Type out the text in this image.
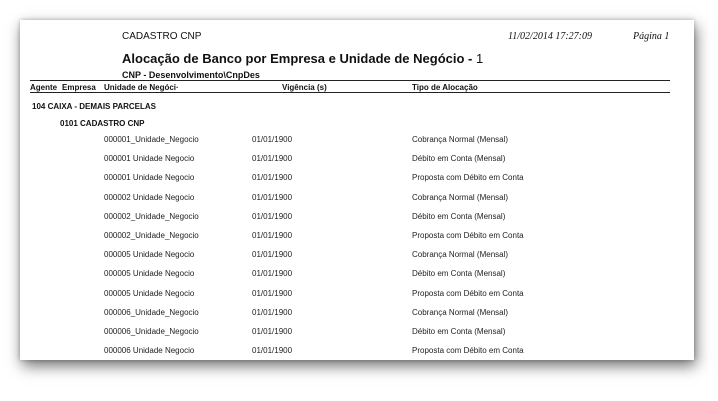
CADASTRO CNP	11/02/2014 17:27:09	Página 1
Alocação de Banco por Empresa e Unidade de Negócio - 1
CNP - Desenvolvimento\CnpDes
Agente Empresa Unidade de Negóci·	Vigência (s)	Tipo de Alocação
104 CAIXA - DEMAIS PARCELAS
0101 CADASTRO CNP
000001_Unidade_Negocio	01/01/1900	Cobrança Normal (Mensal)
000001 Unidade Negocio	01/01/1900	Débito em Conta (Mensal)
000001 Unidade Negocio	01/01/1900	Proposta com Débito em Conta
000002 Unidade Negocio	01/01/1900	Cobrança Normal (Mensal)
000002_Unidade_Negocio	01/01/1900	Débito em Conta (Mensal)
000002_Unidade_Negocio	01/01/1900	Proposta com Débito em Conta
000005 Unidade Negocio	01/01/1900	Cobrança Normal (Mensal)
000005 Unidade Negocio	01/01/1900	Débito em Conta (Mensal)
000005 Unidade Negocio	01/01/1900	Proposta com Débito em Conta
000006_Unidade_Negocio	01/01/1900	Cobrança Normal (Mensal)
000006_Unidade_Negocio	01/01/1900	Débito em Conta (Mensal)
000006 Unidade Negocio	01/01/1900	Proposta com Débito em Conta
